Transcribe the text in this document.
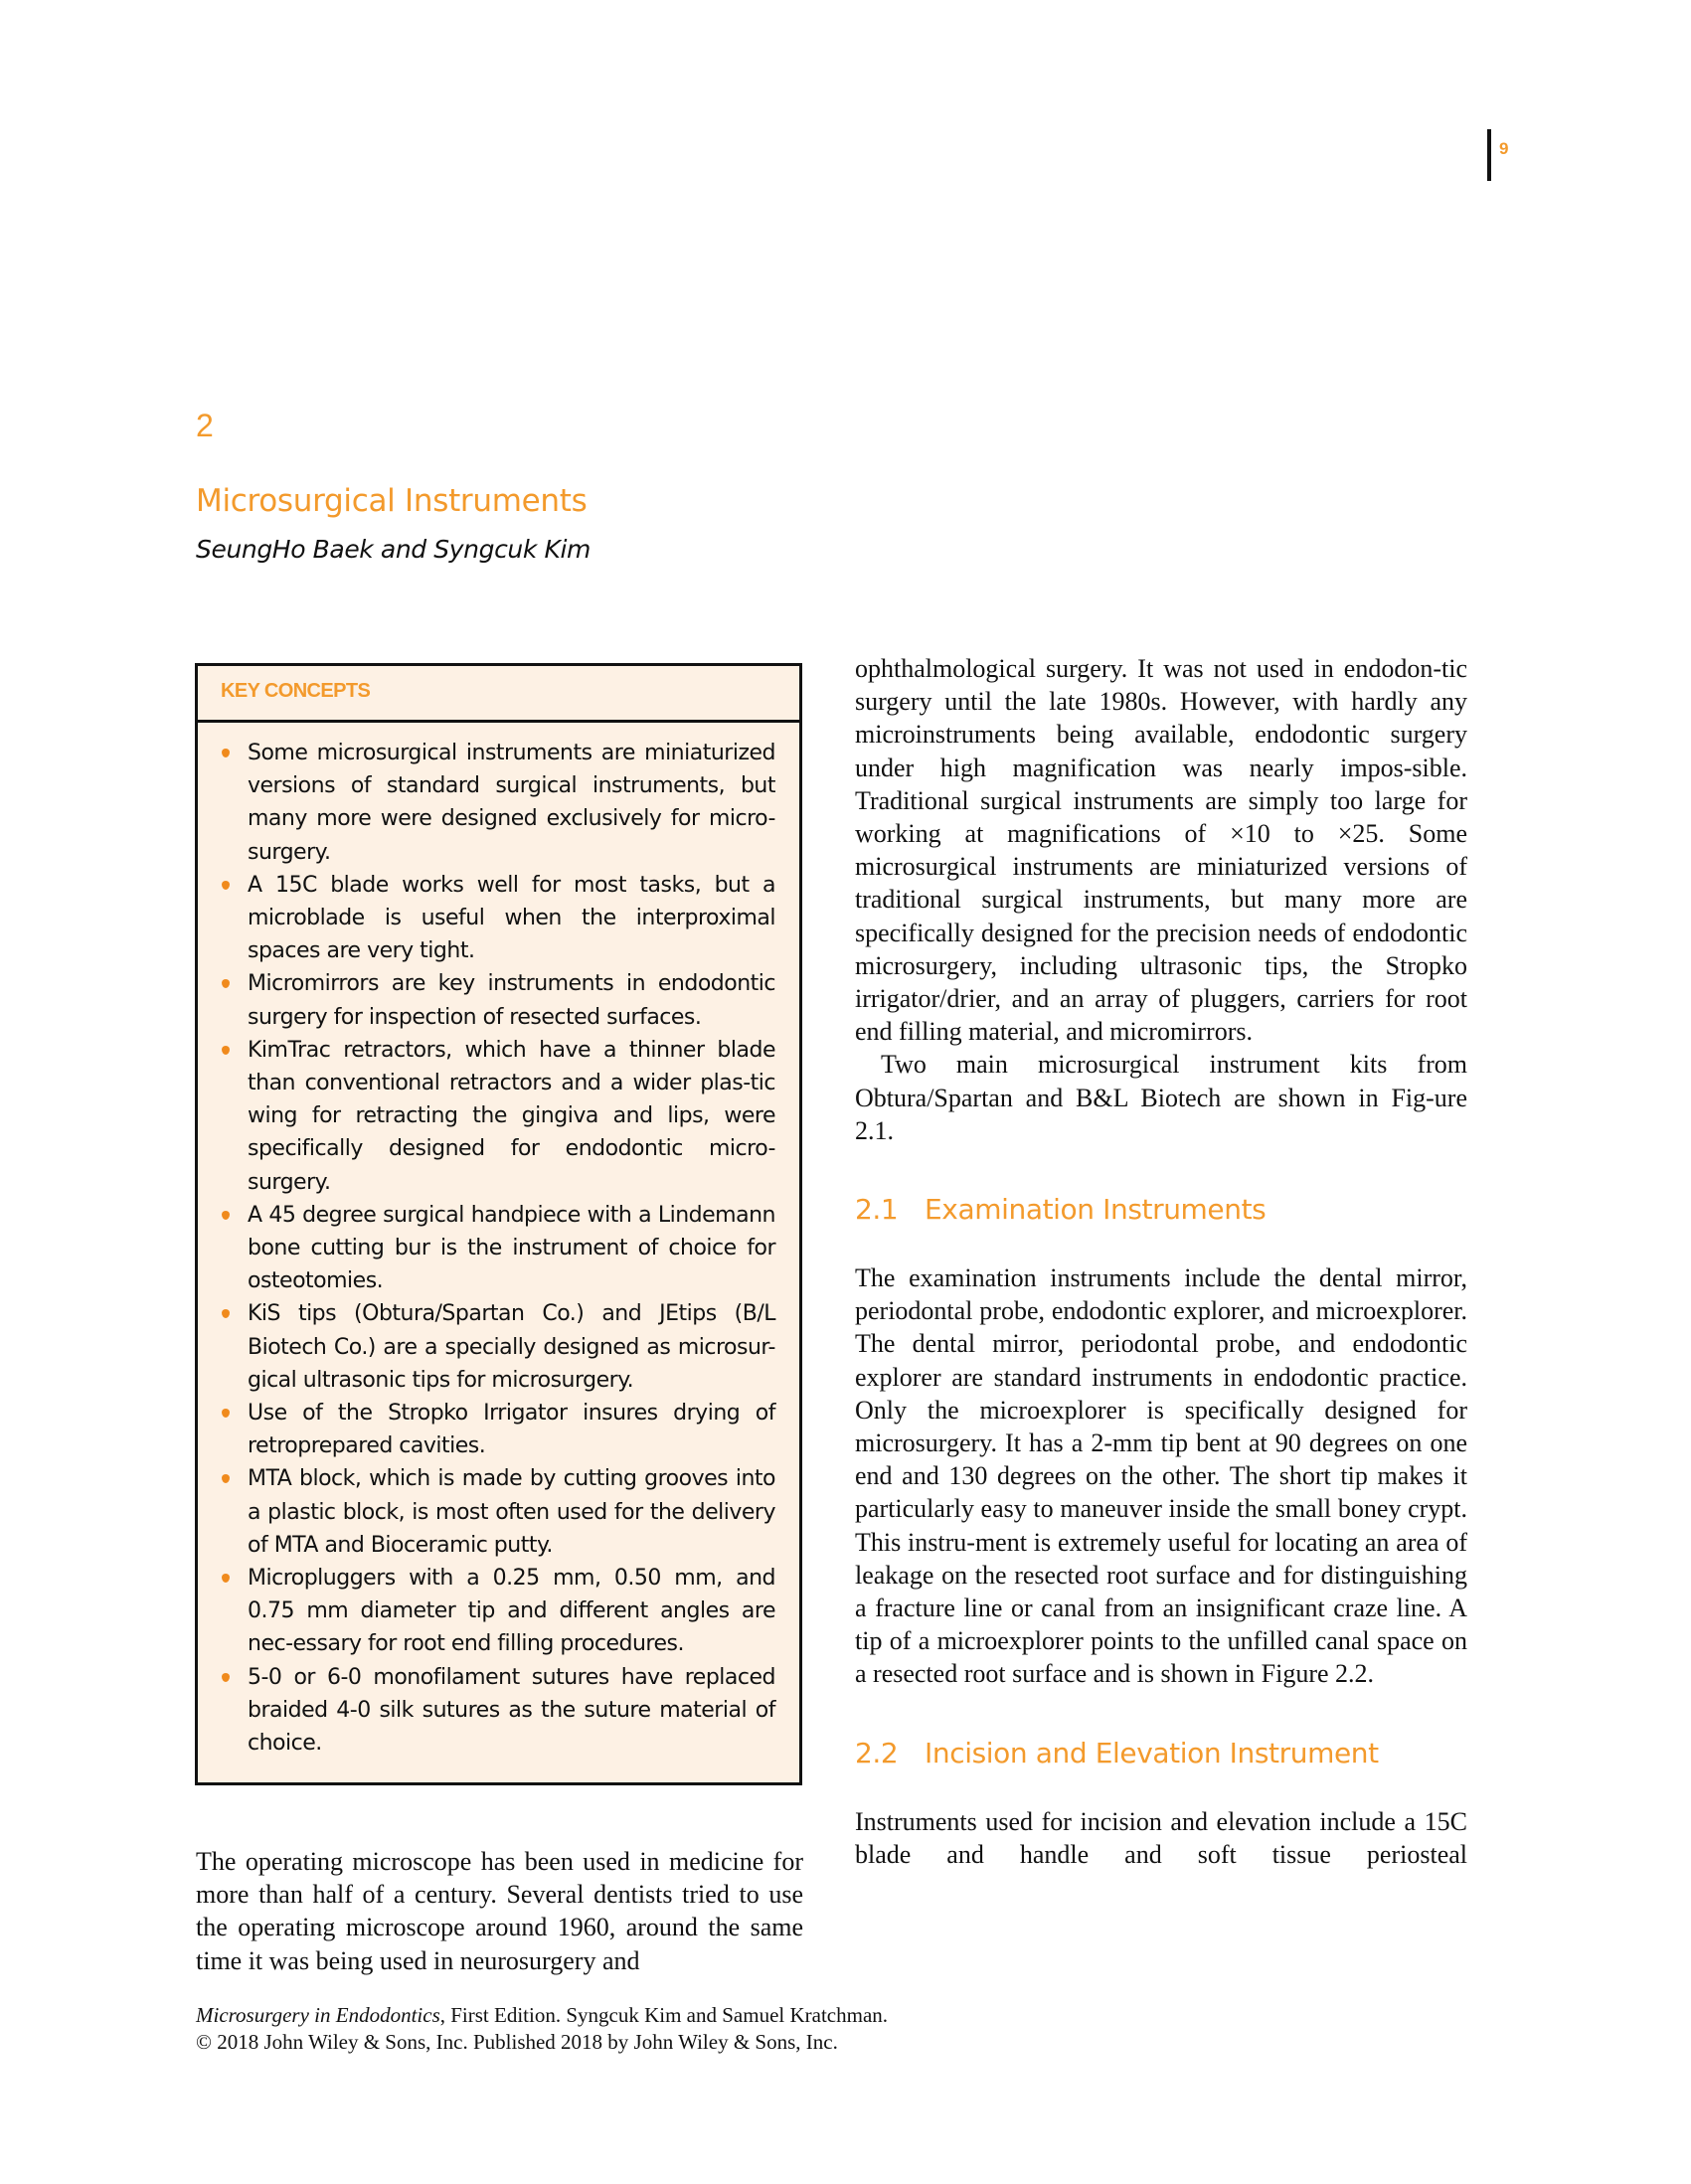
9
2
Microsurgical Instruments
SeungHo Baek and Syngcuk Kim
KEY CONCEPTS
Some microsurgical instruments are miniaturized versions of standard surgical instruments, but many more were designed exclusively for micro-surgery.
A 15C blade works well for most tasks, but a microblade is useful when the interproximal spaces are very tight.
Micromirrors are key instruments in endodontic surgery for inspection of resected surfaces.
KimTrac retractors, which have a thinner blade than conventional retractors and a wider plas-tic wing for retracting the gingiva and lips, were specifically designed for endodontic micro-surgery.
A 45 degree surgical handpiece with a Lindemann bone cutting bur is the instrument of choice for osteotomies.
KiS tips (Obtura/Spartan Co.) and JEtips (B/L Biotech Co.) are a specially designed as microsur-gical ultrasonic tips for microsurgery.
Use of the Stropko Irrigator insures drying of retroprepared cavities.
MTA block, which is made by cutting grooves into a plastic block, is most often used for the delivery of MTA and Bioceramic putty.
Micropluggers with a 0.25 mm, 0.50 mm, and 0.75 mm diameter tip and different angles are nec-essary for root end filling procedures.
5-0 or 6-0 monofilament sutures have replaced braided 4-0 silk sutures as the suture material of choice.

The operating microscope has been used in medicine for more than half of a century. Several dentists tried to use the operating microscope around 1960, around the same time it was being used in neurosurgery and

ophthalmological surgery. It was not used in endodon-tic surgery until the late 1980s. However, with hardly any microinstruments being available, endodontic surgery under high magnification was nearly impos-sible. Traditional surgical instruments are simply too large for working at magnifications of ×10 to ×25. Some microsurgical instruments are miniaturized versions of traditional surgical instruments, but many more are specifically designed for the precision needs of endodontic microsurgery, including ultrasonic tips, the Stropko irrigator/drier, and an array of pluggers, carriers for root end filling material, and micromirrors.

Two main microsurgical instrument kits from Obtura/Spartan and B&L Biotech are shown in Fig-ure 2.1.

2.1 Examination Instruments

The examination instruments include the dental mirror, periodontal probe, endodontic explorer, and microexplorer. The dental mirror, periodontal probe, and endodontic explorer are standard instruments in endodontic practice. Only the microexplorer is specifically designed for microsurgery. It has a 2-mm tip bent at 90 degrees on one end and 130 degrees on the other. The short tip makes it particularly easy to maneuver inside the small boney crypt. This instru-ment is extremely useful for locating an area of leakage on the resected root surface and for distinguishing a fracture line or canal from an insignificant craze line. A tip of a microexplorer points to the unfilled canal space on a resected root surface and is shown in Figure 2.2.

2.2 Incision and Elevation Instrument

Instruments used for incision and elevation include a 15C blade and handle and soft tissue periosteal

Microsurgery in Endodontics, First Edition. Syngcuk Kim and Samuel Kratchman.
© 2018 John Wiley & Sons, Inc. Published 2018 by John Wiley & Sons, Inc.
